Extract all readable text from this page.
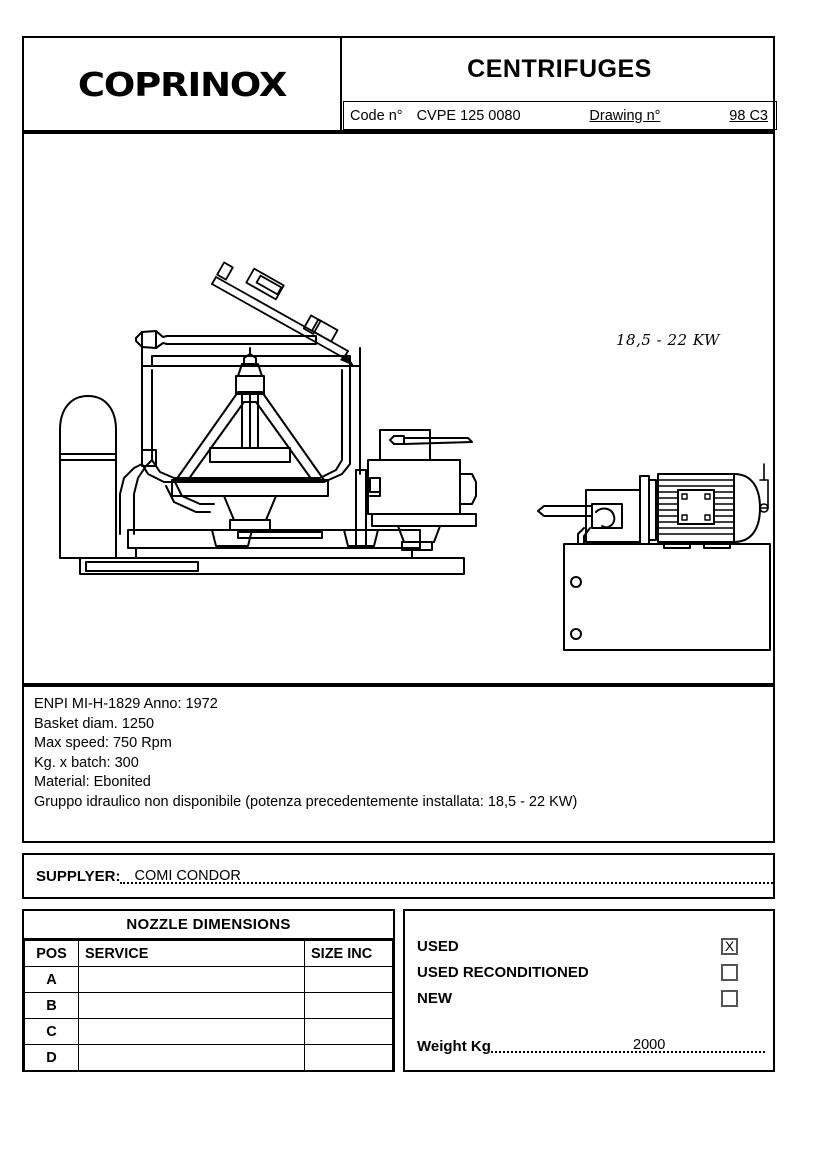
COPRINOX	CENTRIFUGES
Code n° CVPE 125 0080	Drawing n°	98 C3
18,5 - 22 KW
ENPI MI-H-1829 Anno: 1972
Basket diam. 1250
Max speed: 750 Rpm
Kg. x batch: 300
Material: Ebonited
Gruppo idraulico non disponibile (potenza precedentemente installata: 18,5 - 22 KW)
SUPPLYER: COMI CONDOR
NOZZLE DIMENSIONS
POS	SERVICE	SIZE INC
A		
B		
C		
D		
USED	X
USED RECONDITIONED
NEW
Weight Kg	2000
